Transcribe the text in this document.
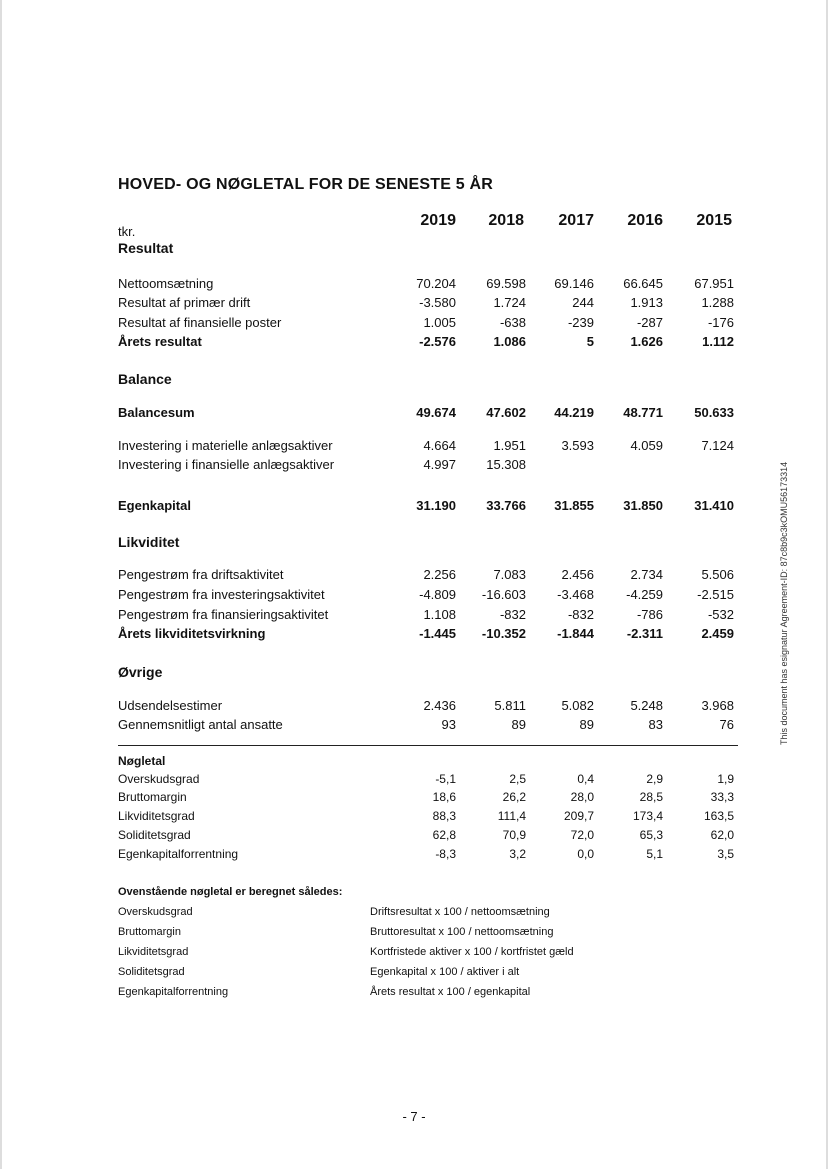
HOVED- OG NØGLETAL FOR DE SENESTE 5 ÅR
tkr.
2019	2018	2017	2016	2015
Resultat
Nettoomsætning	70.204	69.598	69.146	66.645	67.951
Resultat af primær drift	-3.580	1.724	244	1.913	1.288
Resultat af finansielle poster	1.005	-638	-239	-287	-176
Årets resultat	-2.576	1.086	5	1.626	1.112
Balance
Balancesum	49.674	47.602	44.219	48.771	50.633
Investering i materielle anlægsaktiver	4.664	1.951	3.593	4.059	7.124
Investering i finansielle anlægsaktiver	4.997	15.308
Egenkapital	31.190	33.766	31.855	31.850	31.410
Likviditet
Pengestrøm fra driftsaktivitet	2.256	7.083	2.456	2.734	5.506
Pengestrøm fra investeringsaktivitet	-4.809	-16.603	-3.468	-4.259	-2.515
Pengestrøm fra finansieringsaktivitet	1.108	-832	-832	-786	-532
Årets likviditetsvirkning	-1.445	-10.352	-1.844	-2.311	2.459
Øvrige
Udsendelsestimer	2.436	5.811	5.082	5.248	3.968
Gennemsnitligt antal ansatte	93	89	89	83	76
Nøgletal
Overskudsgrad	-5,1	2,5	0,4	2,9	1,9
Bruttomargin	18,6	26,2	28,0	28,5	33,3
Likviditetsgrad	88,3	111,4	209,7	173,4	163,5
Soliditetsgrad	62,8	70,9	72,0	65,3	62,0
Egenkapitalforrentning	-8,3	3,2	0,0	5,1	3,5
Ovenstående nøgletal er beregnet således:
Overskudsgrad	Driftsresultat x 100 / nettoomsætning
Bruttomargin	Bruttoresultat x 100 / nettoomsætning
Likviditetsgrad	Kortfristede aktiver x 100 / kortfristet gæld
Soliditetsgrad	Egenkapital x 100 / aktiver i alt
Egenkapitalforrentning	Årets resultat x 100 / egenkapital
- 7 -
This document has esignatur Agreement-ID: 87c8b9c3kOMU56173314
